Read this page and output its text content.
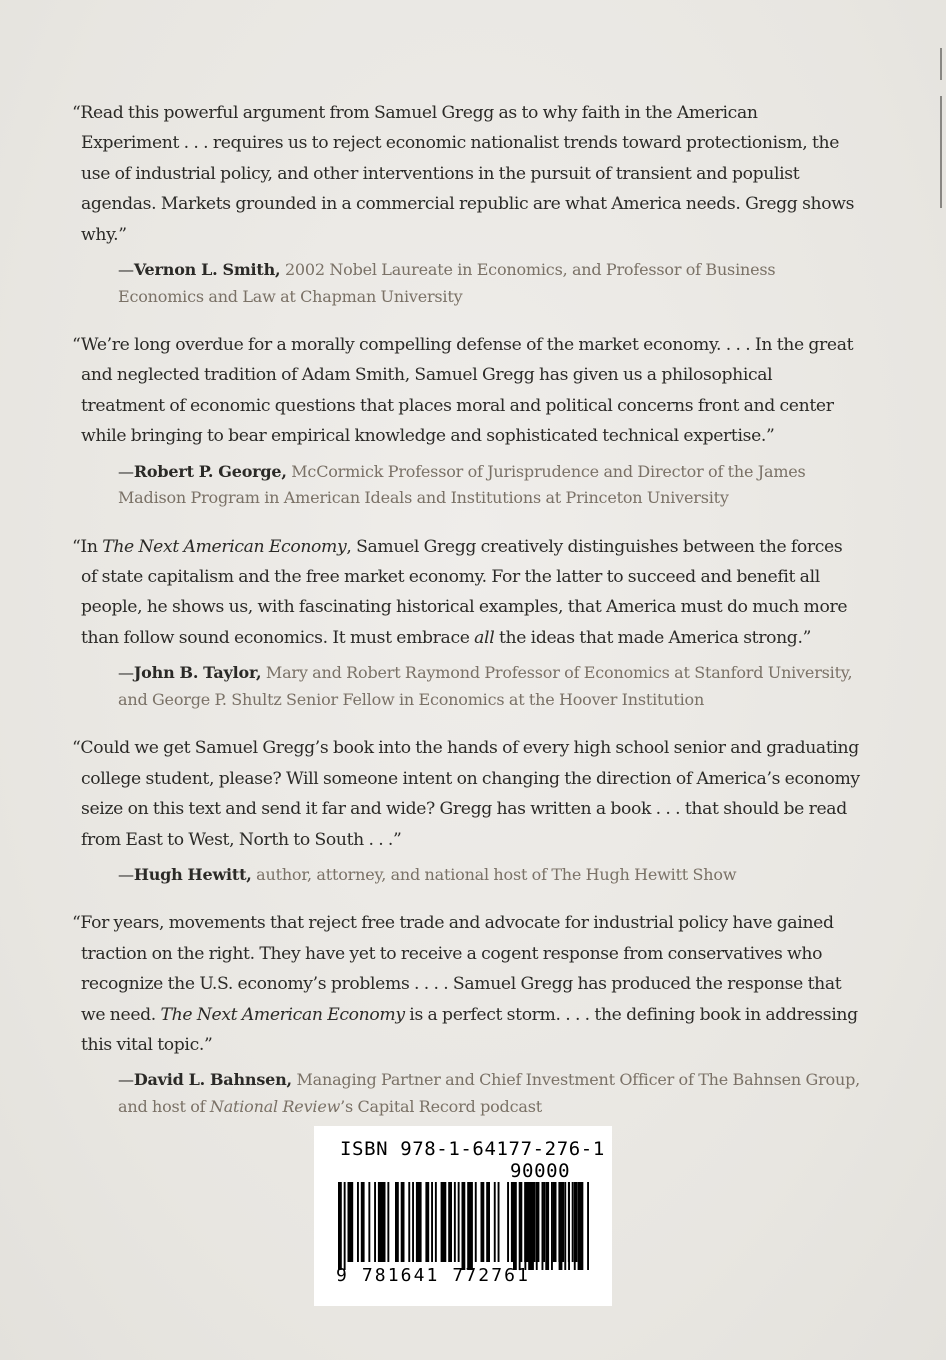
“Read this powerful argument from Samuel Gregg as to why faith in the American Experiment . . . requires us to reject economic nationalist trends toward protectionism, the use of industrial policy, and other interventions in the pursuit of transient and populist agendas. Markets grounded in a commercial republic are what America needs. Gregg shows why.”

—Vernon L. Smith, 2002 Nobel Laureate in Economics, and Professor of Business Economics and Law at Chapman University

“We’re long overdue for a morally compelling defense of the market economy. . . . In the great and neglected tradition of Adam Smith, Samuel Gregg has given us a philosophical treatment of economic questions that places moral and political concerns front and center while bringing to bear empirical knowledge and sophisticated technical expertise.”

—Robert P. George, McCormick Professor of Jurisprudence and Director of the James Madison Program in American Ideals and Institutions at Princeton University

“In The Next American Economy, Samuel Gregg creatively distinguishes between the forces of state capitalism and the free market economy. For the latter to succeed and benefit all people, he shows us, with fascinating historical examples, that America must do much more than follow sound economics. It must embrace all the ideas that made America strong.”

—John B. Taylor, Mary and Robert Raymond Professor of Economics at Stanford University, and George P. Shultz Senior Fellow in Economics at the Hoover Institution

“Could we get Samuel Gregg’s book into the hands of every high school senior and graduating college student, please? Will someone intent on changing the direction of America’s economy seize on this text and send it far and wide? Gregg has written a book . . . that should be read from East to West, North to South . . .”

—Hugh Hewitt, author, attorney, and national host of The Hugh Hewitt Show

“For years, movements that reject free trade and advocate for industrial policy have gained traction on the right. They have yet to receive a cogent response from conservatives who recognize the U.S. economy’s problems . . . . Samuel Gregg has produced the response that we need. The Next American Economy is a perfect storm. . . . the defining book in addressing this vital topic.”

—David L. Bahnsen, Managing Partner and Chief Investment Officer of The Bahnsen Group, and host of National Review’s Capital Record podcast

ISBN 978-1-64177-276-1
90000
9 781641 772761
